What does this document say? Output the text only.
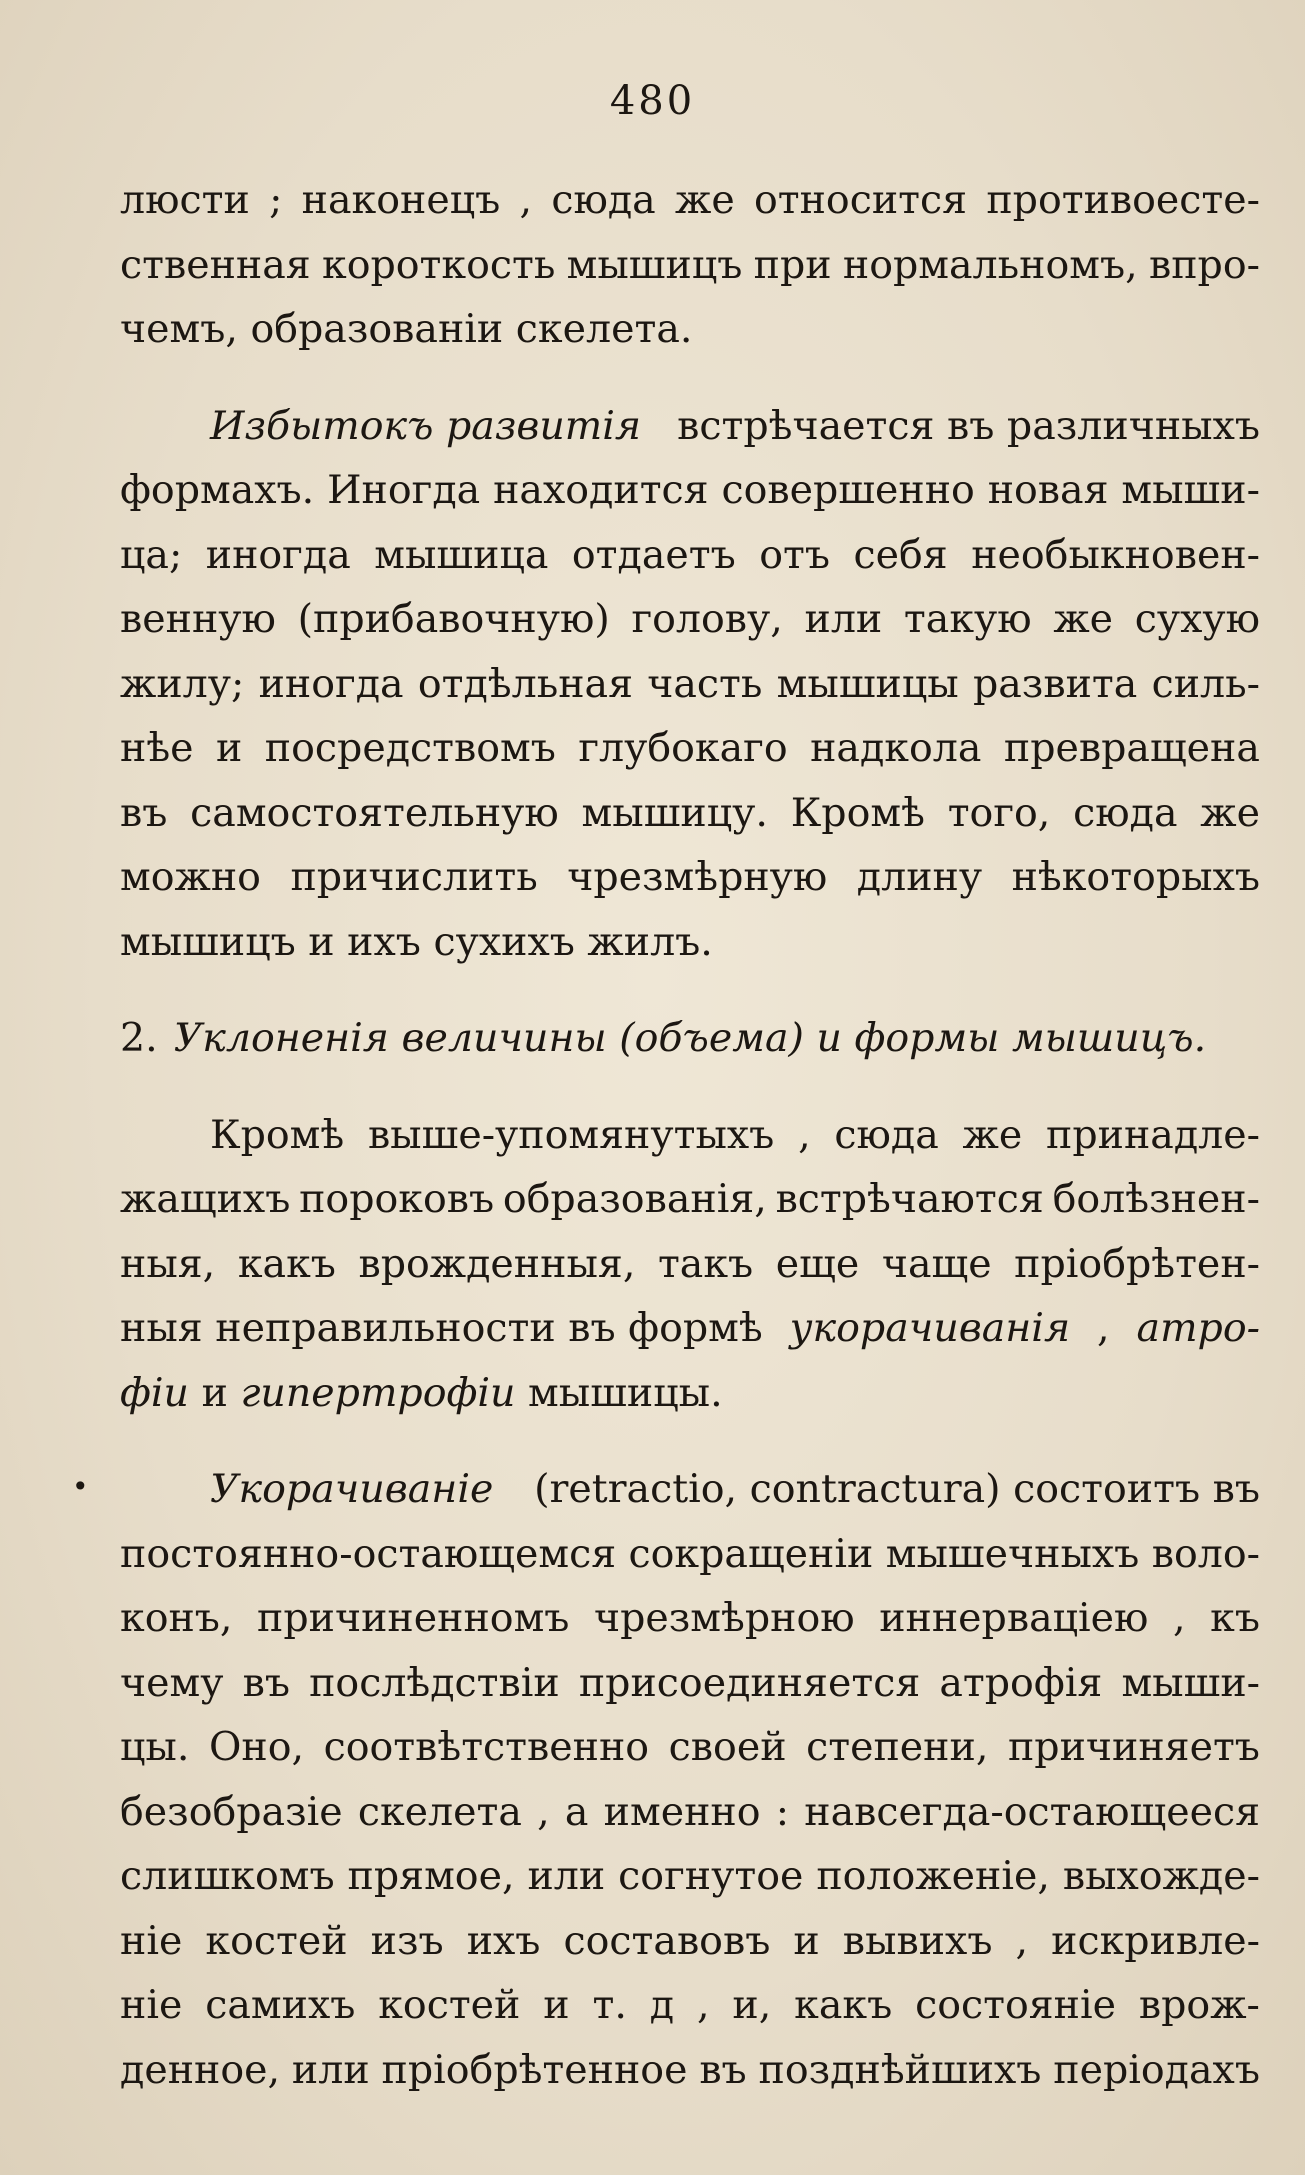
480
люсти ; наконецъ , сюда же относится противоесте-
ственная короткость мышицъ при нормальномъ, впро-
чемъ, образованіи скелета.
Избытокъ развитія встрѣчается въ различныхъ
формахъ. Иногда находится совершенно новая мыши-
ца; иногда мышица отдаетъ отъ себя необыкновен-
венную (прибавочную) голову, или такую же сухую
жилу; иногда отдѣльная часть мышицы развита силь-
нѣе и посредствомъ глубокаго надкола превращена
въ самостоятельную мышицу. Кромѣ того, сюда же
можно причислить чрезмѣрную длину нѣкоторыхъ
мышицъ и ихъ сухихъ жилъ.
2. Уклоненія величины (объема) и формы мышицъ.
Кромѣ выше-упомянутыхъ , сюда же принадле-
жащихъ пороковъ образованія, встрѣчаются болѣзнен-
ныя, какъ врожденныя, такъ еще чаще пріобрѣтен-
ныя неправильности въ формѣ укорачиванія , атро-
фіи
и
гипертрофіи
мышицы.
Укорачиваніе (retractio, contractura) состоитъ въ
постоянно-остающемся сокращеніи мышечныхъ воло-
конъ, причиненномъ чрезмѣрною иннерваціею , къ
чему въ послѣдствіи присоединяется атрофія мыши-
цы. Оно, соотвѣтственно своей степени, причиняетъ
безобразіе скелета , а именно : навсегда-остающееся
слишкомъ прямое, или согнутое положеніе, выхожде-
ніе костей изъ ихъ составовъ и вывихъ , искривле-
ніе самихъ костей и т. д , и, какъ состояніе врож-
денное, или пріобрѣтенное въ позднѣйшихъ періодахъ
•
